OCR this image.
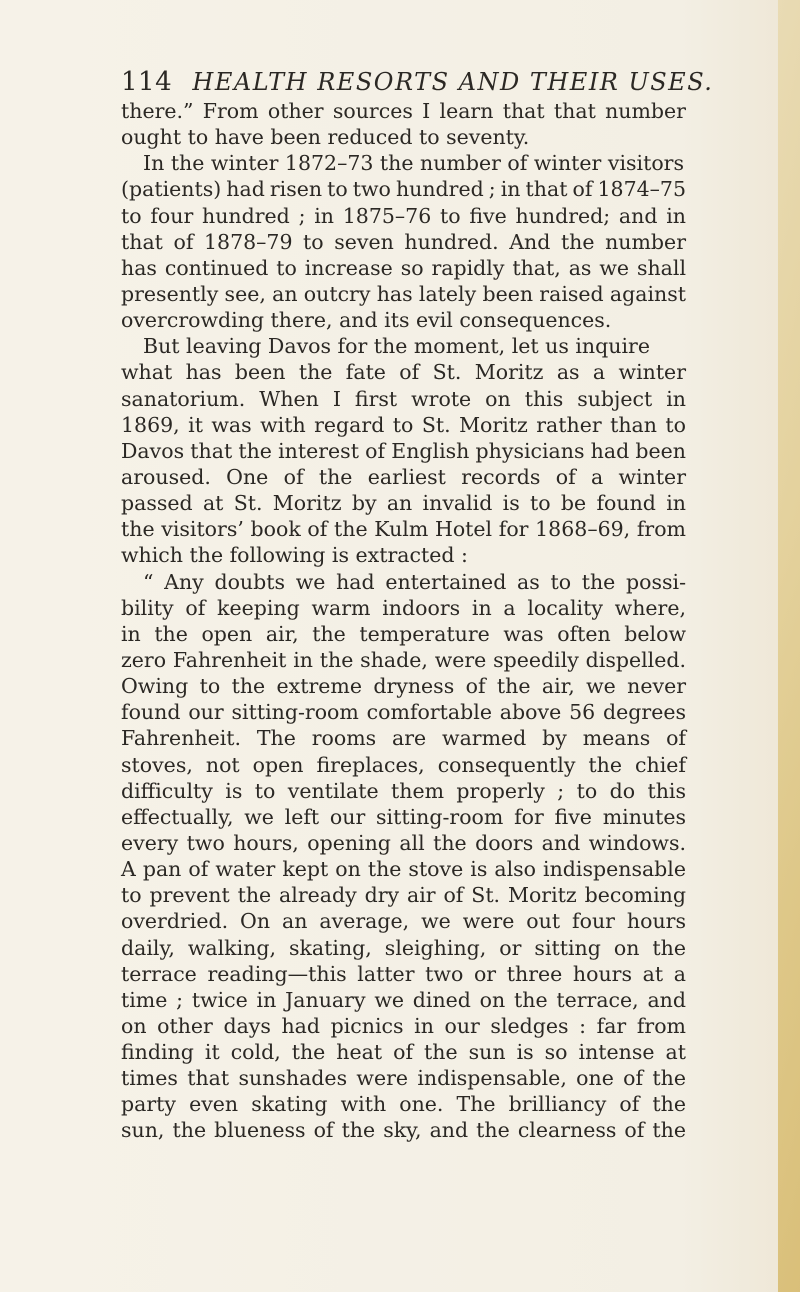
114 HEALTH RESORTS AND THEIR USES.
there.” From other sources I learn that that number
ought to have been reduced to seventy.
In the winter 1872–73 the number of winter visitors
(patients) had risen to two hundred ; in that of 1874–75
to four hundred ; in 1875–76 to five hundred; and in
that of 1878–79 to seven hundred. And the number
has continued to increase so rapidly that, as we shall
presently see, an outcry has lately been raised against
overcrowding there, and its evil consequences.
But leaving Davos for the moment, let us inquire
what has been the fate of St. Moritz as a winter
sanatorium. When I first wrote on this subject in
1869, it was with regard to St. Moritz rather than to
Davos that the interest of English physicians had been
aroused. One of the earliest records of a winter
passed at St. Moritz by an invalid is to be found in
the visitors’ book of the Kulm Hotel for 1868–69, from
which the following is extracted :
“ Any doubts we had entertained as to the possi-
bility of keeping warm indoors in a locality where,
in the open air, the temperature was often below
zero Fahrenheit in the shade, were speedily dispelled.
Owing to the extreme dryness of the air, we never
found our sitting-room comfortable above 56 degrees
Fahrenheit. The rooms are warmed by means of
stoves, not open fireplaces, consequently the chief
difficulty is to ventilate them properly ; to do this
effectually, we left our sitting-room for five minutes
every two hours, opening all the doors and windows.
A pan of water kept on the stove is also indispensable
to prevent the already dry air of St. Moritz becoming
overdried. On an average, we were out four hours
daily, walking, skating, sleighing, or sitting on the
terrace reading—this latter two or three hours at a
time ; twice in January we dined on the terrace, and
on other days had picnics in our sledges : far from
finding it cold, the heat of the sun is so intense at
times that sunshades were indispensable, one of the
party even skating with one. The brilliancy of the
sun, the blueness of the sky, and the clearness of the
